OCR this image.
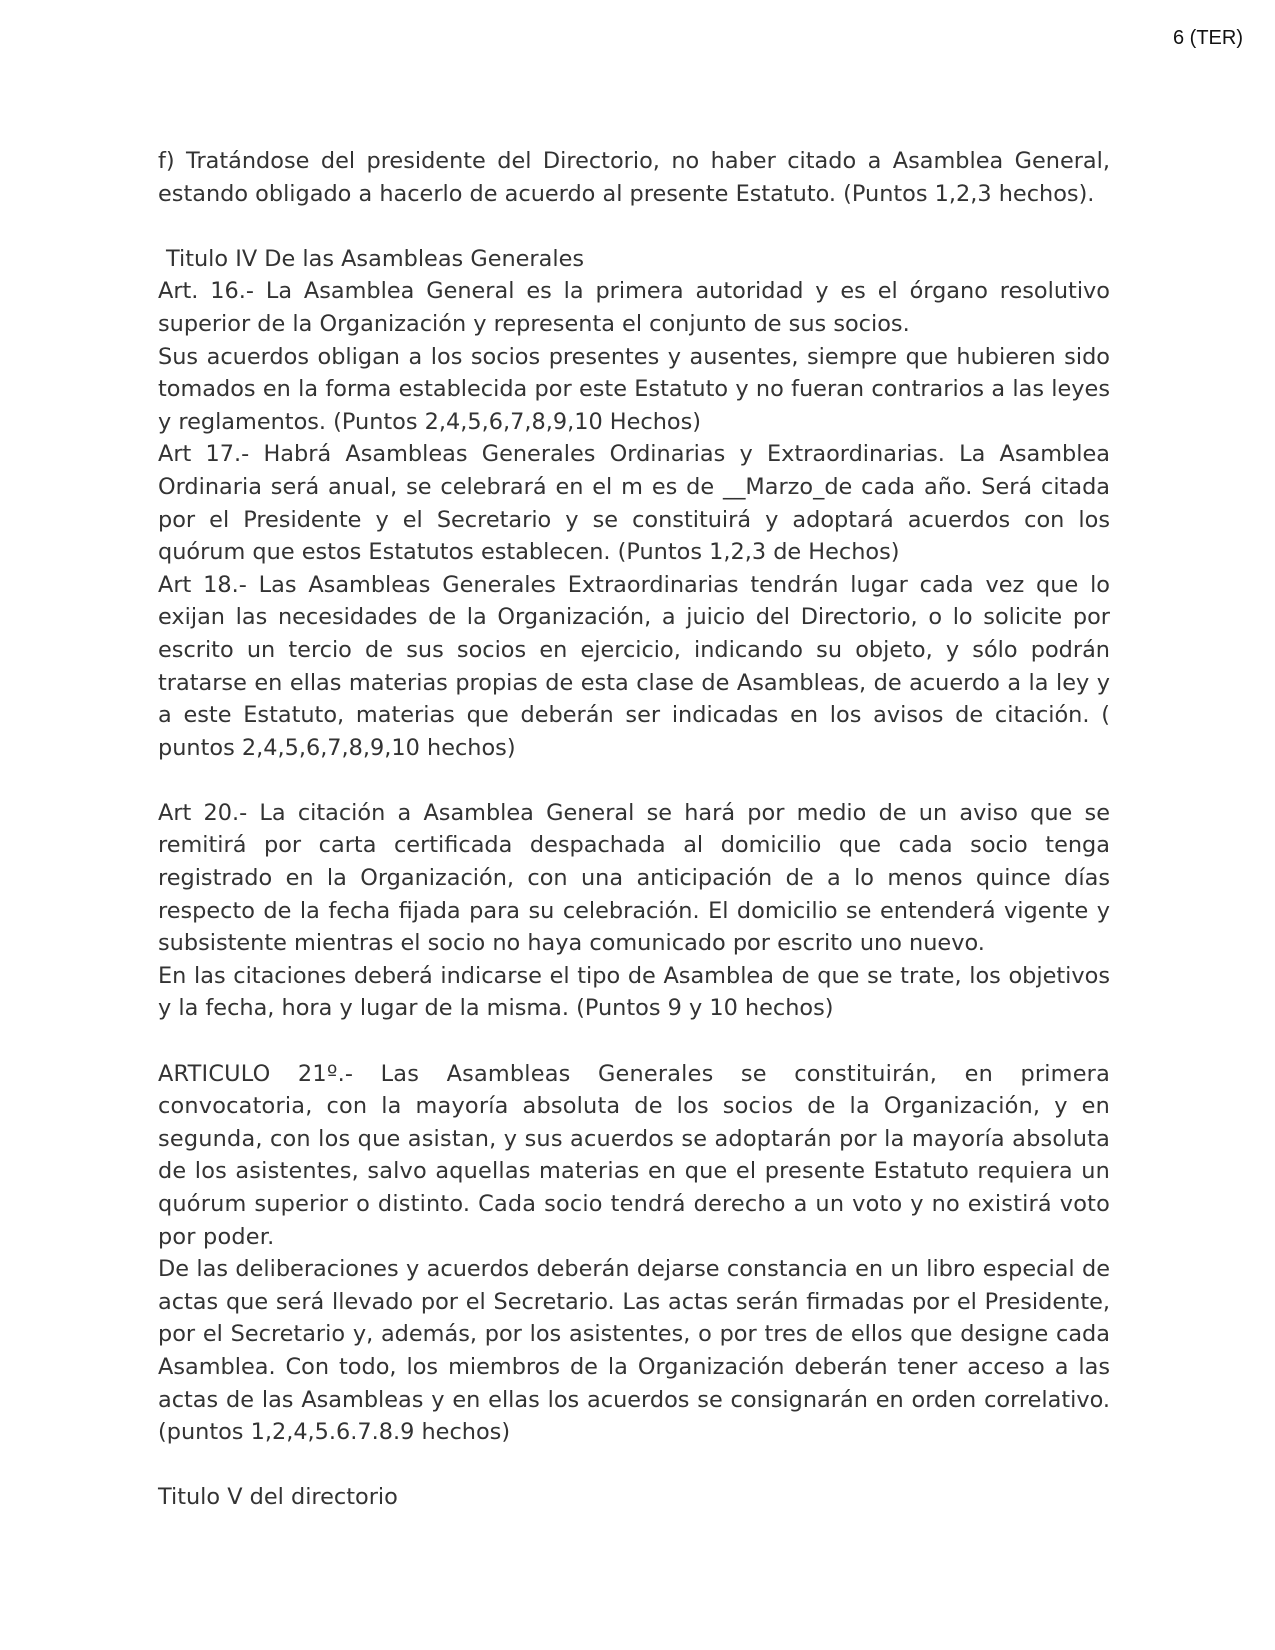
6 (TER)

f) Tratándose del presidente del Directorio, no haber citado a Asamblea General, estando obligado a hacerlo de acuerdo al presente Estatuto. (Puntos 1,2,3 hechos).

Titulo IV De las Asambleas Generales

Art. 16.- La Asamblea General es la primera autoridad y es el órgano resolutivo superior de la Organización y representa el conjunto de sus socios.

Sus acuerdos obligan a los socios presentes y ausentes, siempre que hubieren sido tomados en la forma establecida por este Estatuto y no fueran contrarios a las leyes y reglamentos. (Puntos 2,4,5,6,7,8,9,10 Hechos)

Art 17.- Habrá Asambleas Generales Ordinarias y Extraordinarias. La Asamblea Ordinaria será anual, se celebrará en el m es de __Marzo_de cada año. Será citada por el Presidente y el Secretario y se constituirá y adoptará acuerdos con los quórum que estos Estatutos establecen. (Puntos 1,2,3 de Hechos)

Art 18.- Las Asambleas Generales Extraordinarias tendrán lugar cada vez que lo exijan las necesidades de la Organización, a juicio del Directorio, o lo solicite por escrito un tercio de sus socios en ejercicio, indicando su objeto, y sólo podrán tratarse en ellas materias propias de esta clase de Asambleas, de acuerdo a la ley y a este Estatuto, materias que deberán ser indicadas en los avisos de citación. ( puntos 2,4,5,6,7,8,9,10 hechos)

Art 20.- La citación a Asamblea General se hará por medio de un aviso que se remitirá por carta certificada despachada al domicilio que cada socio tenga registrado en la Organización, con una anticipación de a lo menos quince días respecto de la fecha fijada para su celebración. El domicilio se entenderá vigente y subsistente mientras el socio no haya comunicado por escrito uno nuevo.

En las citaciones deberá indicarse el tipo de Asamblea de que se trate, los objetivos y la fecha, hora y lugar de la misma. (Puntos 9 y 10 hechos)

ARTICULO 21º.- Las Asambleas Generales se constituirán, en primera convocatoria, con la mayoría absoluta de los socios de la Organización, y en segunda, con los que asistan, y sus acuerdos se adoptarán por la mayoría absoluta de los asistentes, salvo aquellas materias en que el presente Estatuto requiera un quórum superior o distinto. Cada socio tendrá derecho a un voto y no existirá voto por poder.

De las deliberaciones y acuerdos deberán dejarse constancia en un libro especial de actas que será llevado por el Secretario. Las actas serán firmadas por el Presidente, por el Secretario y, además, por los asistentes, o por tres de ellos que designe cada Asamblea. Con todo, los miembros de la Organización deberán tener acceso a las actas de las Asambleas y en ellas los acuerdos se consignarán en orden correlativo.(puntos 1,2,4,5.6.7.8.9 hechos)

Titulo V del directorio
